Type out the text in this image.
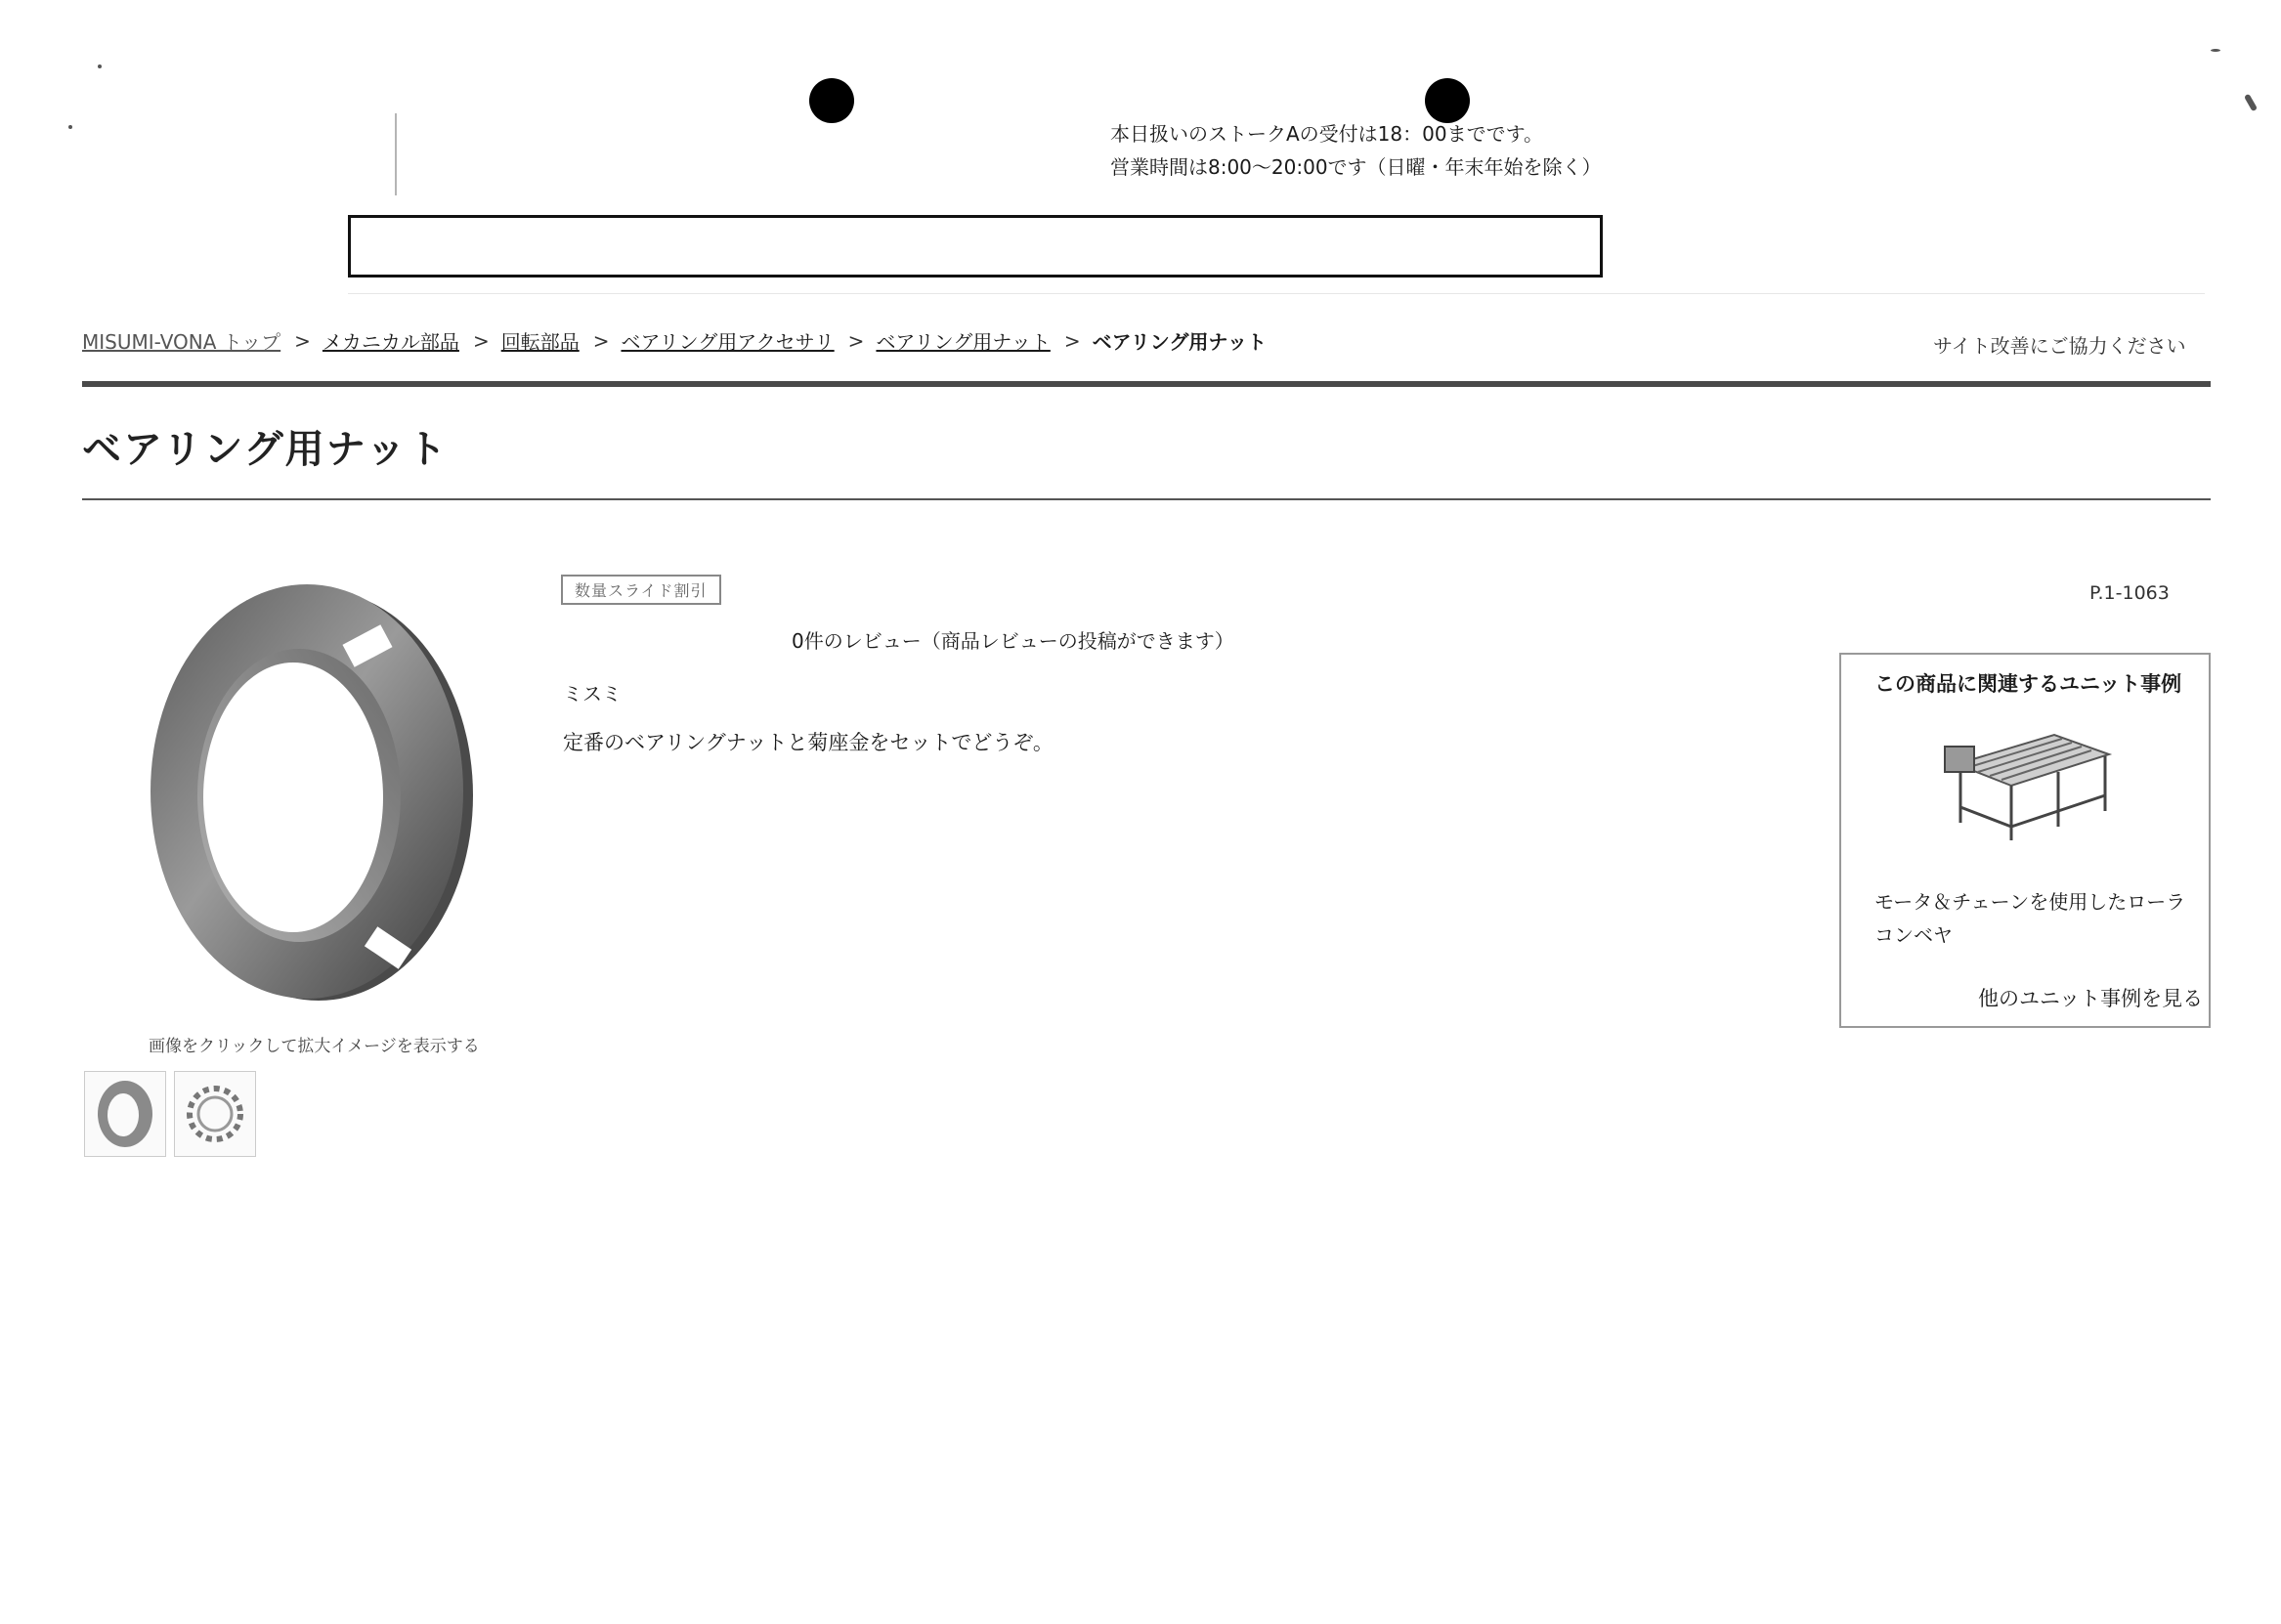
本日扱いのストークAの受付は18：00までです。
営業時間は8:00～20:00です（日曜・年末年始を除く）
MISUMI-VONA トップ > メカニカル部品 > 回転部品 > ベアリング用アクセサリ > ベアリング用ナット > ベアリング用ナット	サイト改善にご協力ください
ベアリング用ナット
画像をクリックして拡大イメージを表示する
数量スライド割引
0件のレビュー（商品レビューの投稿ができます）
ミスミ
定番のベアリングナットと菊座金をセットでどうぞ。
P.1-1063
この商品に関連するユニット事例
モータ＆チェーンを使用したローラコンベヤ
他のユニット事例を見る
